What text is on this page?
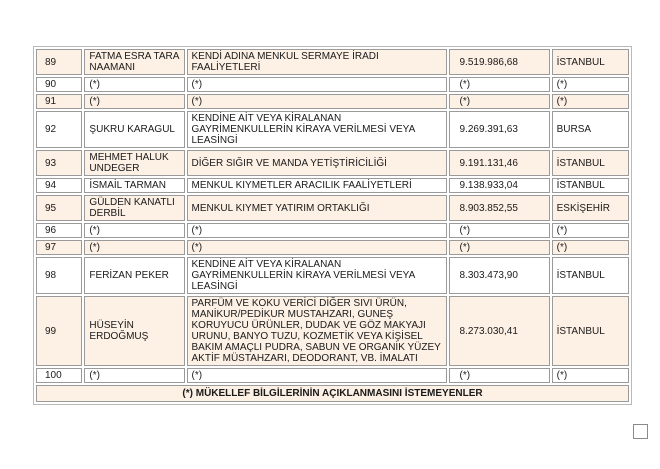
89	FATMA ESRA TARA NAAMANI	KENDİ ADINA MENKUL SERMAYE İRADI FAALİYETLERİ	9.519.986,68	İSTANBUL
90	(*)	(*)	(*)	(*)
91	(*)	(*)	(*)	(*)
92	ŞUKRU KARAGUL	KENDİNE AİT VEYA KİRALANAN GAYRİMENKULLERİN KİRAYA VERİLMESİ VEYA LEASİNGİ	9.269.391,63	BURSA
93	MEHMET HALUK UNDEGER	DİĞER SIĞIR VE MANDA YETİŞTİRİCİLİĞİ	9.191.131,46	İSTANBUL
94	İSMAİL TARMAN	MENKUL KIYMETLER ARACILIK FAALİYETLERİ	9.138.933,04	İSTANBUL
95	GÜLDEN KANATLI DERBİL	MENKUL KIYMET YATIRIM ORTAKLIĞI	8.903.852,55	ESKİŞEHİR
96	(*)	(*)	(*)	(*)
97	(*)	(*)	(*)	(*)
98	FERİZAN PEKER	KENDİNE AİT VEYA KİRALANAN GAYRİMENKULLERİN KİRAYA VERİLMESİ VEYA LEASİNGİ	8.303.473,90	İSTANBUL
99	HÜSEYİN ERDOĞMUŞ	PARFÜM VE KOKU VERİCİ DİĞER SIVI ÜRÜN, MANİKUR/PEDİKUR MUSTAHZARI, GUNEŞ KORUYUCU ÜRÜNLER, DUDAK VE GÖZ MAKYAJI URUNU, BANYO TUZU, KOZMETİK VEYA KİŞİSEL BAKIM AMAÇLI PUDRA, SABUN VE ORGANİK YÜZEY AKTİF MÜSTAHZARI, DEODORANT, VB. İMALATI	8.273.030,41	İSTANBUL
100	(*)	(*)	(*)	(*)
(*) MÜKELLEF BİLGİLERİNİN AÇIKLANMASINI İSTEMEYENLER				
